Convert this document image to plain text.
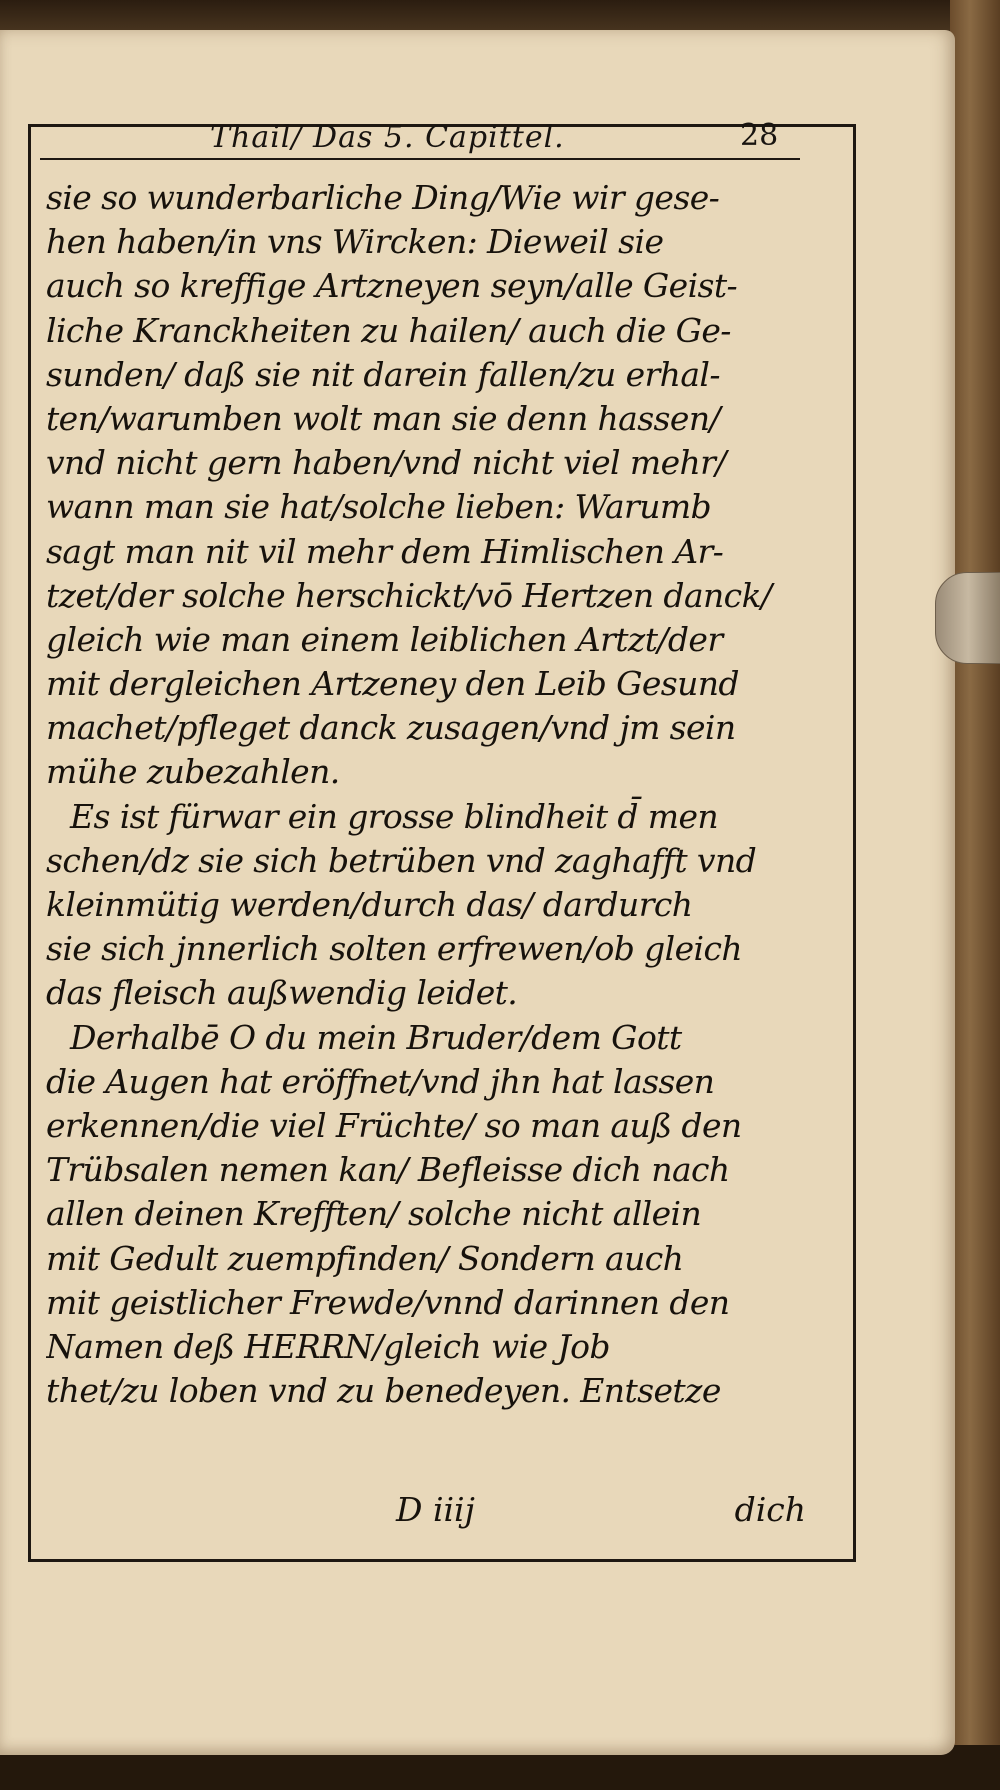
Thail/ Das 5. Capittel.	28
sie so wunderbarliche Ding/Wie wir gese-
hen haben/in vns Wircken: Dieweil sie
auch so kreffige Artzneyen seyn/alle Geist-
liche Kranckheiten zu hailen/ auch die Ge-
sunden/ daß sie nit darein fallen/zu erhal-
ten/warumben wolt man sie denn hassen/
vnd nicht gern haben/vnd nicht viel mehr/
wann man sie hat/solche lieben: Warumb
sagt man nit vil mehr dem Himlischen Ar-
tzet/der solche herschickt/vō Hertzen danck/
gleich wie man einem leiblichen Artzt/der
mit dergleichen Artzeney den Leib Gesund
machet/pfleget danck zusagen/vnd jm sein
mühe zubezahlen.
Es ist fürwar ein grosse blindheit d̄ men
schen/dz sie sich betrüben vnd zaghafft vnd
kleinmütig werden/durch das/ dardurch
sie sich jnnerlich solten erfrewen/ob gleich
das fleisch außwendig leidet.
Derhalbē O du mein Bruder/dem Gott
die Augen hat eröffnet/vnd jhn hat lassen
erkennen/die viel Früchte/ so man auß den
Trübsalen nemen kan/ Befleisse dich nach
allen deinen Krefften/ solche nicht allein
mit Gedult zuempfinden/ Sondern auch
mit geistlicher Frewde/vnnd darinnen den
Namen deß HERRN/gleich wie Job
thet/zu loben vnd zu benedeyen. Entsetze
D iiij	dich
